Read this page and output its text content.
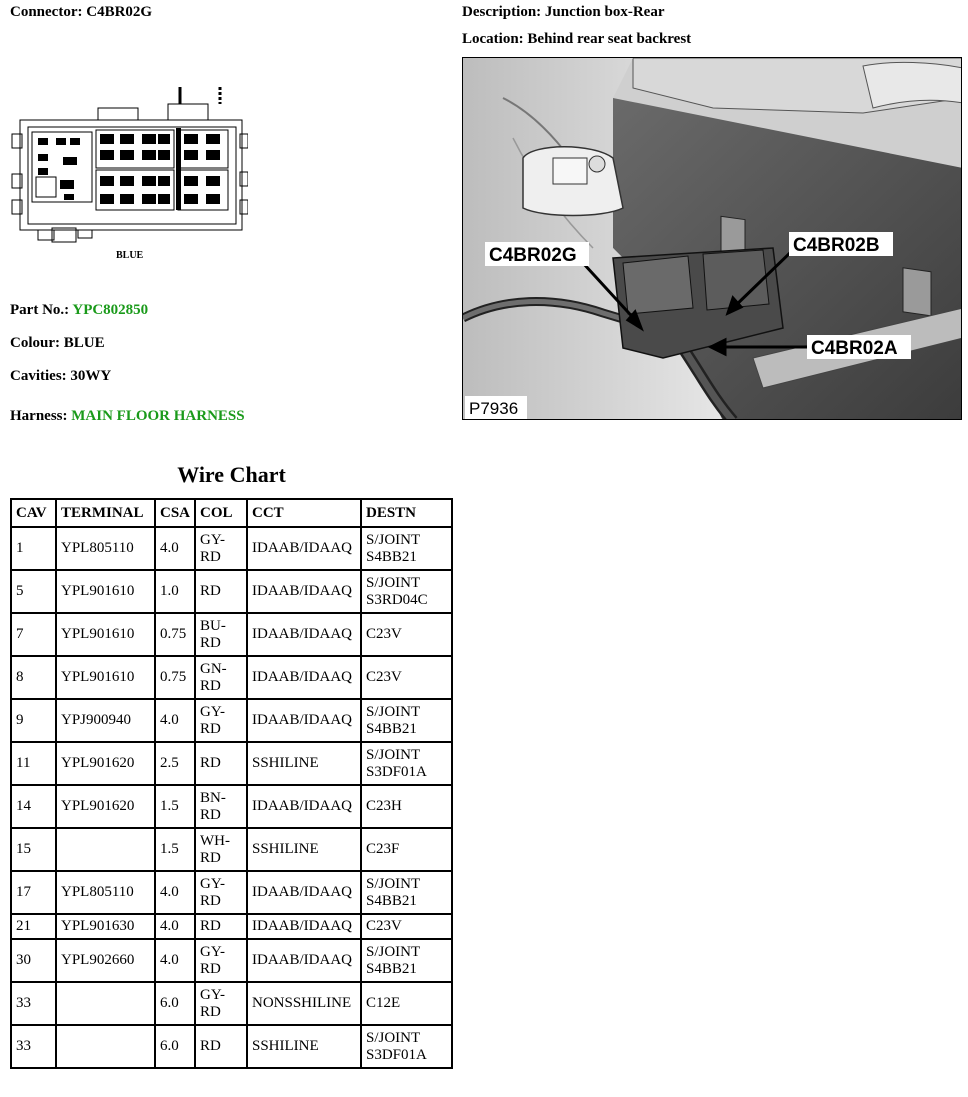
Connector: C4BR02G	Description: Junction box-Rear
Location: Behind rear seat backrest
BLUE
Part No.: YPC802850
Colour: BLUE
Cavities: 30WY
Harness: MAIN FLOOR HARNESS
C4BR02G	C4BR02B
C4BR02A
P7936
Wire Chart
CAV	TERMINAL	CSA	COL	CCT	DESTN
1	YPL805110	4.0	GY-RD	IDAAB/IDAAQ	S/JOINT S4BB21
5	YPL901610	1.0	RD	IDAAB/IDAAQ	S/JOINT S3RD04C
7	YPL901610	0.75	BU-RD	IDAAB/IDAAQ	C23V
8	YPL901610	0.75	GN-RD	IDAAB/IDAAQ	C23V
9	YPJ900940	4.0	GY-RD	IDAAB/IDAAQ	S/JOINT S4BB21
11	YPL901620	2.5	RD	SSHILINE	S/JOINT S3DF01A
14	YPL901620	1.5	BN-RD	IDAAB/IDAAQ	C23H
15		1.5	WH-RD	SSHILINE	C23F
17	YPL805110	4.0	GY-RD	IDAAB/IDAAQ	S/JOINT S4BB21
21	YPL901630	4.0	RD	IDAAB/IDAAQ	C23V
30	YPL902660	4.0	GY-RD	IDAAB/IDAAQ	S/JOINT S4BB21
33		6.0	GY-RD	NONSSHILINE	C12E
33		6.0	RD	SSHILINE	S/JOINT S3DF01A
